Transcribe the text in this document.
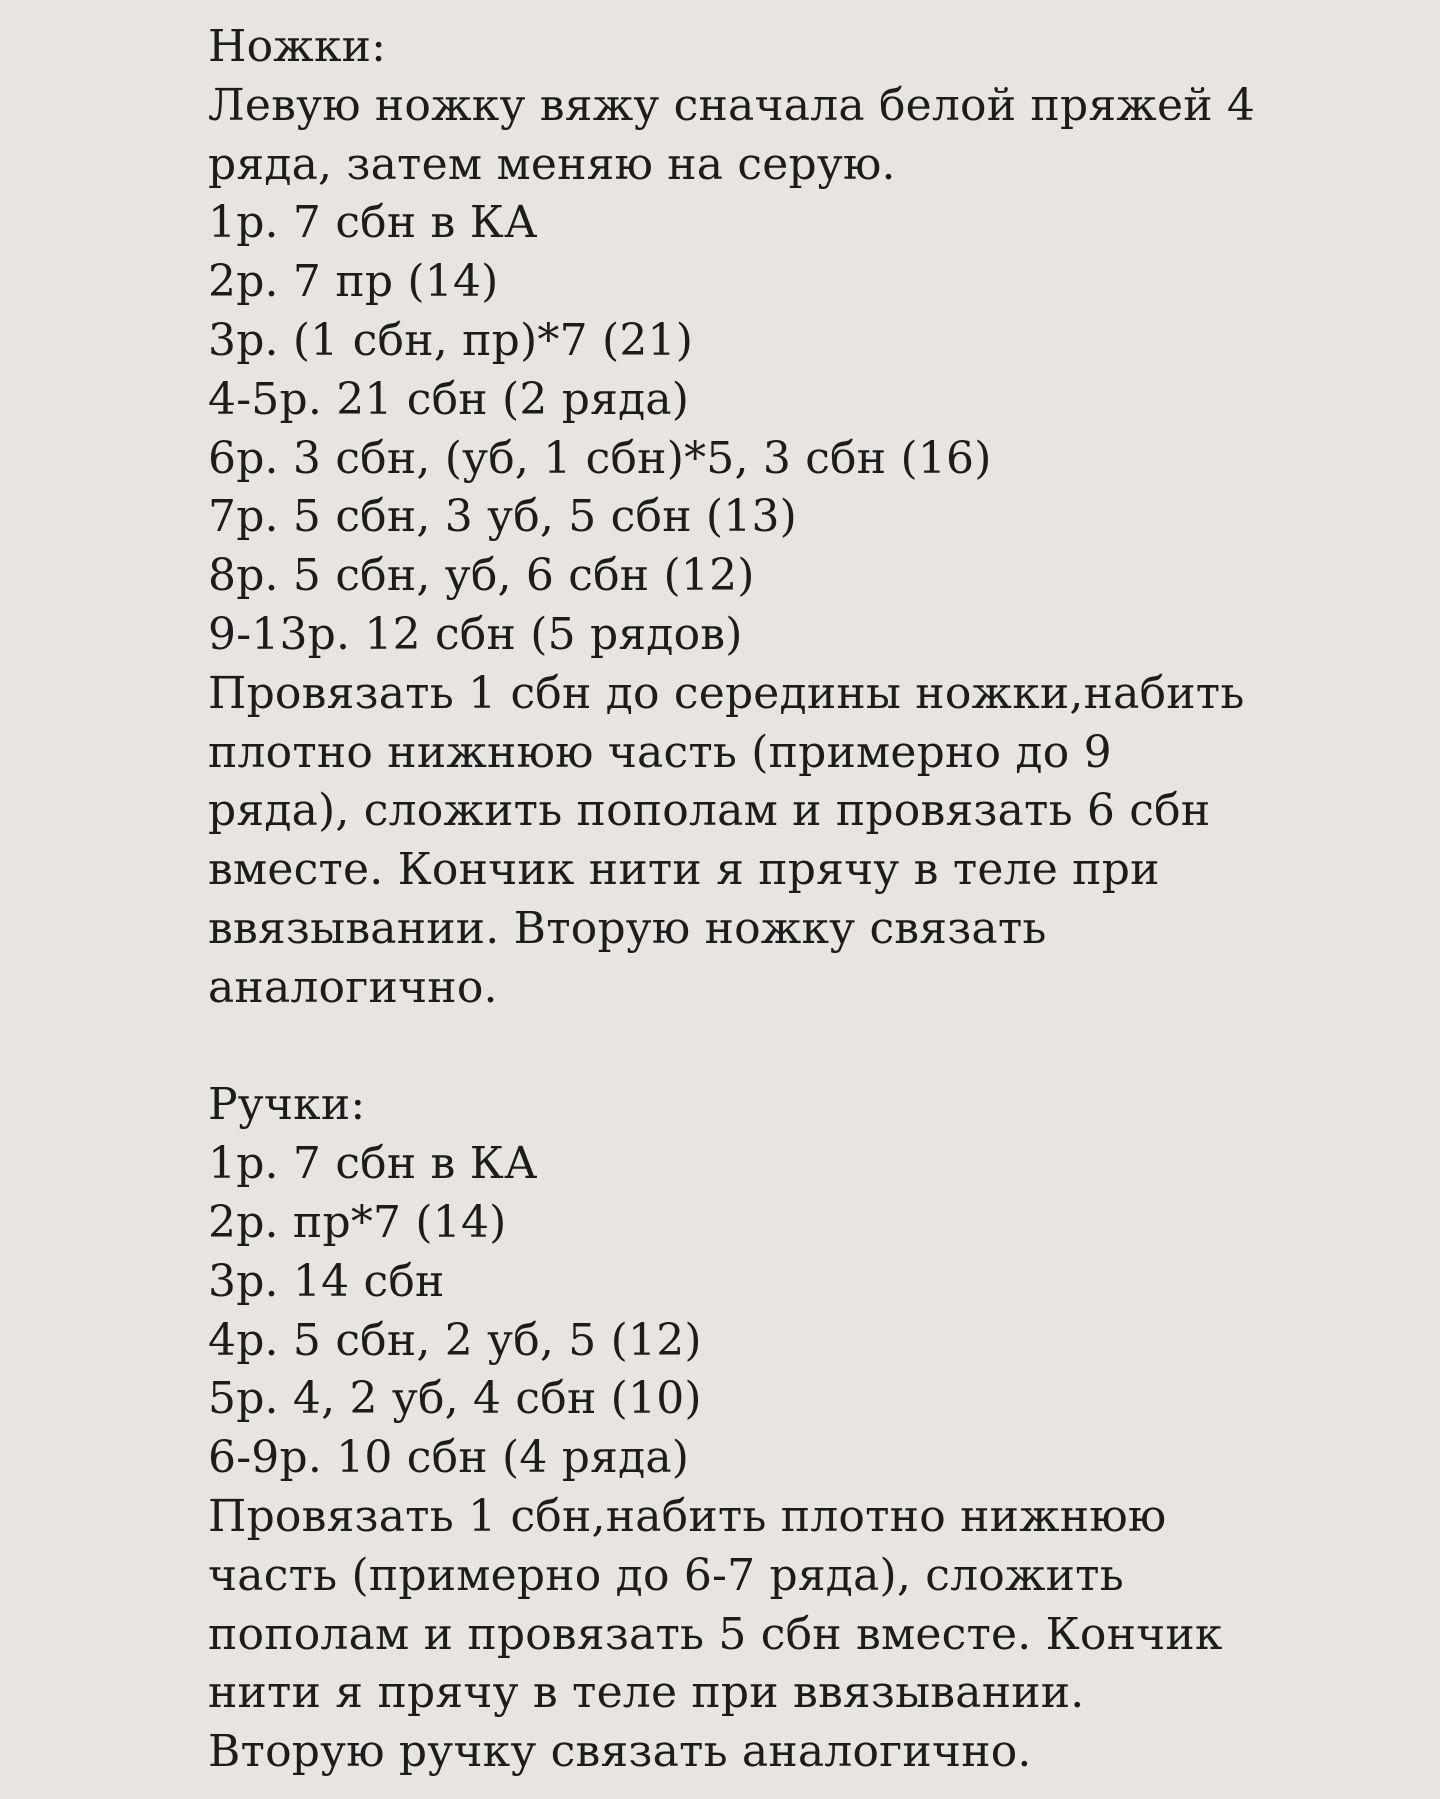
Ножки:
Левую ножку вяжу сначала белой пряжей 4
ряда, затем меняю на серую.
1р. 7 сбн в КА
2р. 7 пр (14)
3р. (1 сбн, пр)*7 (21)
4-5р. 21 сбн (2 ряда)
6р. 3 сбн, (уб, 1 сбн)*5, 3 сбн (16)
7р. 5 сбн, 3 уб, 5 сбн (13)
8р. 5 сбн, уб, 6 сбн (12)
9-13р. 12 сбн (5 рядов)
Провязать 1 сбн до середины ножки,набить
плотно нижнюю часть (примерно до 9
ряда), сложить пополам и провязать 6 сбн
вместе. Кончик нити я прячу в теле при
ввязывании. Вторую ножку связать
аналогично.
Ручки:
1р. 7 сбн в КА
2р. пр*7 (14)
3р. 14 сбн
4р. 5 сбн, 2 уб, 5 (12)
5р. 4, 2 уб, 4 сбн (10)
6-9р. 10 сбн (4 ряда)
Провязать 1 сбн,набить плотно нижнюю
часть (примерно до 6-7 ряда), сложить
пополам и провязать 5 сбн вместе. Кончик
нити я прячу в теле при ввязывании.
Вторую ручку связать аналогично.
